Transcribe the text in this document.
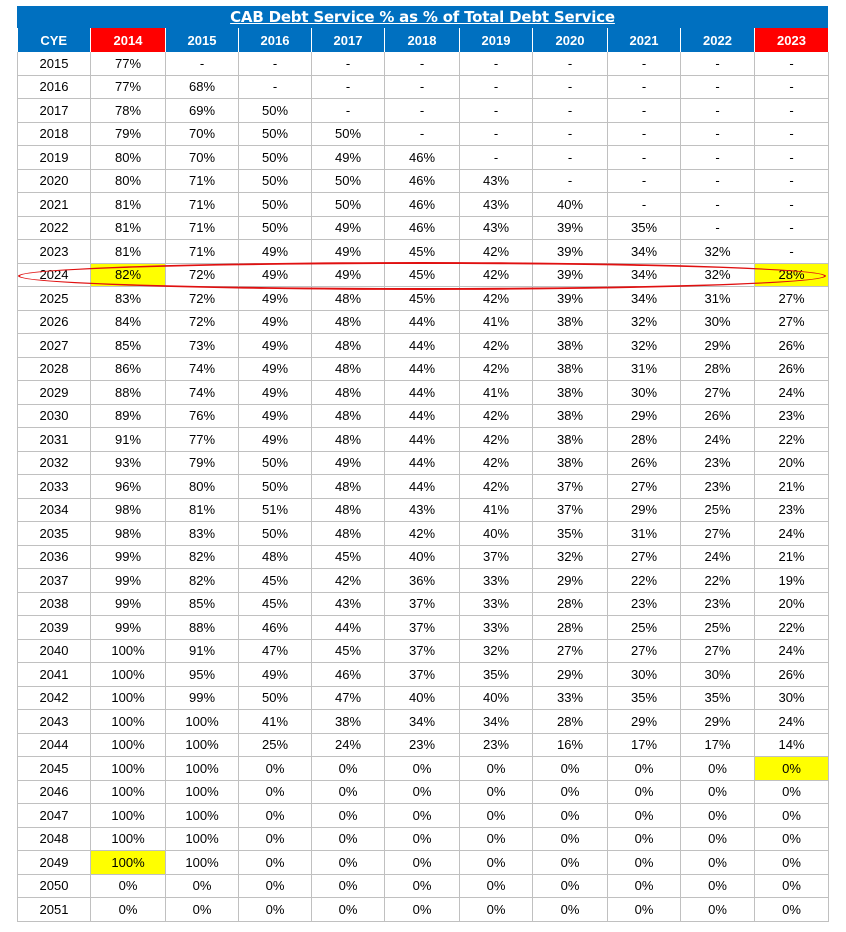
CAB Debt Service % as % of Total Debt Service
CYE	2014	2015	2016	2017	2018	2019	2020	2021	2022	2023
2015	77%	-	-	-	-	-	-	-	-	-
2016	77%	68%	-	-	-	-	-	-	-	-
2017	78%	69%	50%	-	-	-	-	-	-	-
2018	79%	70%	50%	50%	-	-	-	-	-	-
2019	80%	70%	50%	49%	46%	-	-	-	-	-
2020	80%	71%	50%	50%	46%	43%	-	-	-	-
2021	81%	71%	50%	50%	46%	43%	40%	-	-	-
2022	81%	71%	50%	49%	46%	43%	39%	35%	-	-
2023	81%	71%	49%	49%	45%	42%	39%	34%	32%	-
2024	82%	72%	49%	49%	45%	42%	39%	34%	32%	28%
2025	83%	72%	49%	48%	45%	42%	39%	34%	31%	27%
2026	84%	72%	49%	48%	44%	41%	38%	32%	30%	27%
2027	85%	73%	49%	48%	44%	42%	38%	32%	29%	26%
2028	86%	74%	49%	48%	44%	42%	38%	31%	28%	26%
2029	88%	74%	49%	48%	44%	41%	38%	30%	27%	24%
2030	89%	76%	49%	48%	44%	42%	38%	29%	26%	23%
2031	91%	77%	49%	48%	44%	42%	38%	28%	24%	22%
2032	93%	79%	50%	49%	44%	42%	38%	26%	23%	20%
2033	96%	80%	50%	48%	44%	42%	37%	27%	23%	21%
2034	98%	81%	51%	48%	43%	41%	37%	29%	25%	23%
2035	98%	83%	50%	48%	42%	40%	35%	31%	27%	24%
2036	99%	82%	48%	45%	40%	37%	32%	27%	24%	21%
2037	99%	82%	45%	42%	36%	33%	29%	22%	22%	19%
2038	99%	85%	45%	43%	37%	33%	28%	23%	23%	20%
2039	99%	88%	46%	44%	37%	33%	28%	25%	25%	22%
2040	100%	91%	47%	45%	37%	32%	27%	27%	27%	24%
2041	100%	95%	49%	46%	37%	35%	29%	30%	30%	26%
2042	100%	99%	50%	47%	40%	40%	33%	35%	35%	30%
2043	100%	100%	41%	38%	34%	34%	28%	29%	29%	24%
2044	100%	100%	25%	24%	23%	23%	16%	17%	17%	14%
2045	100%	100%	0%	0%	0%	0%	0%	0%	0%	0%
2046	100%	100%	0%	0%	0%	0%	0%	0%	0%	0%
2047	100%	100%	0%	0%	0%	0%	0%	0%	0%	0%
2048	100%	100%	0%	0%	0%	0%	0%	0%	0%	0%
2049	100%	100%	0%	0%	0%	0%	0%	0%	0%	0%
2050	0%	0%	0%	0%	0%	0%	0%	0%	0%	0%
2051	0%	0%	0%	0%	0%	0%	0%	0%	0%	0%
